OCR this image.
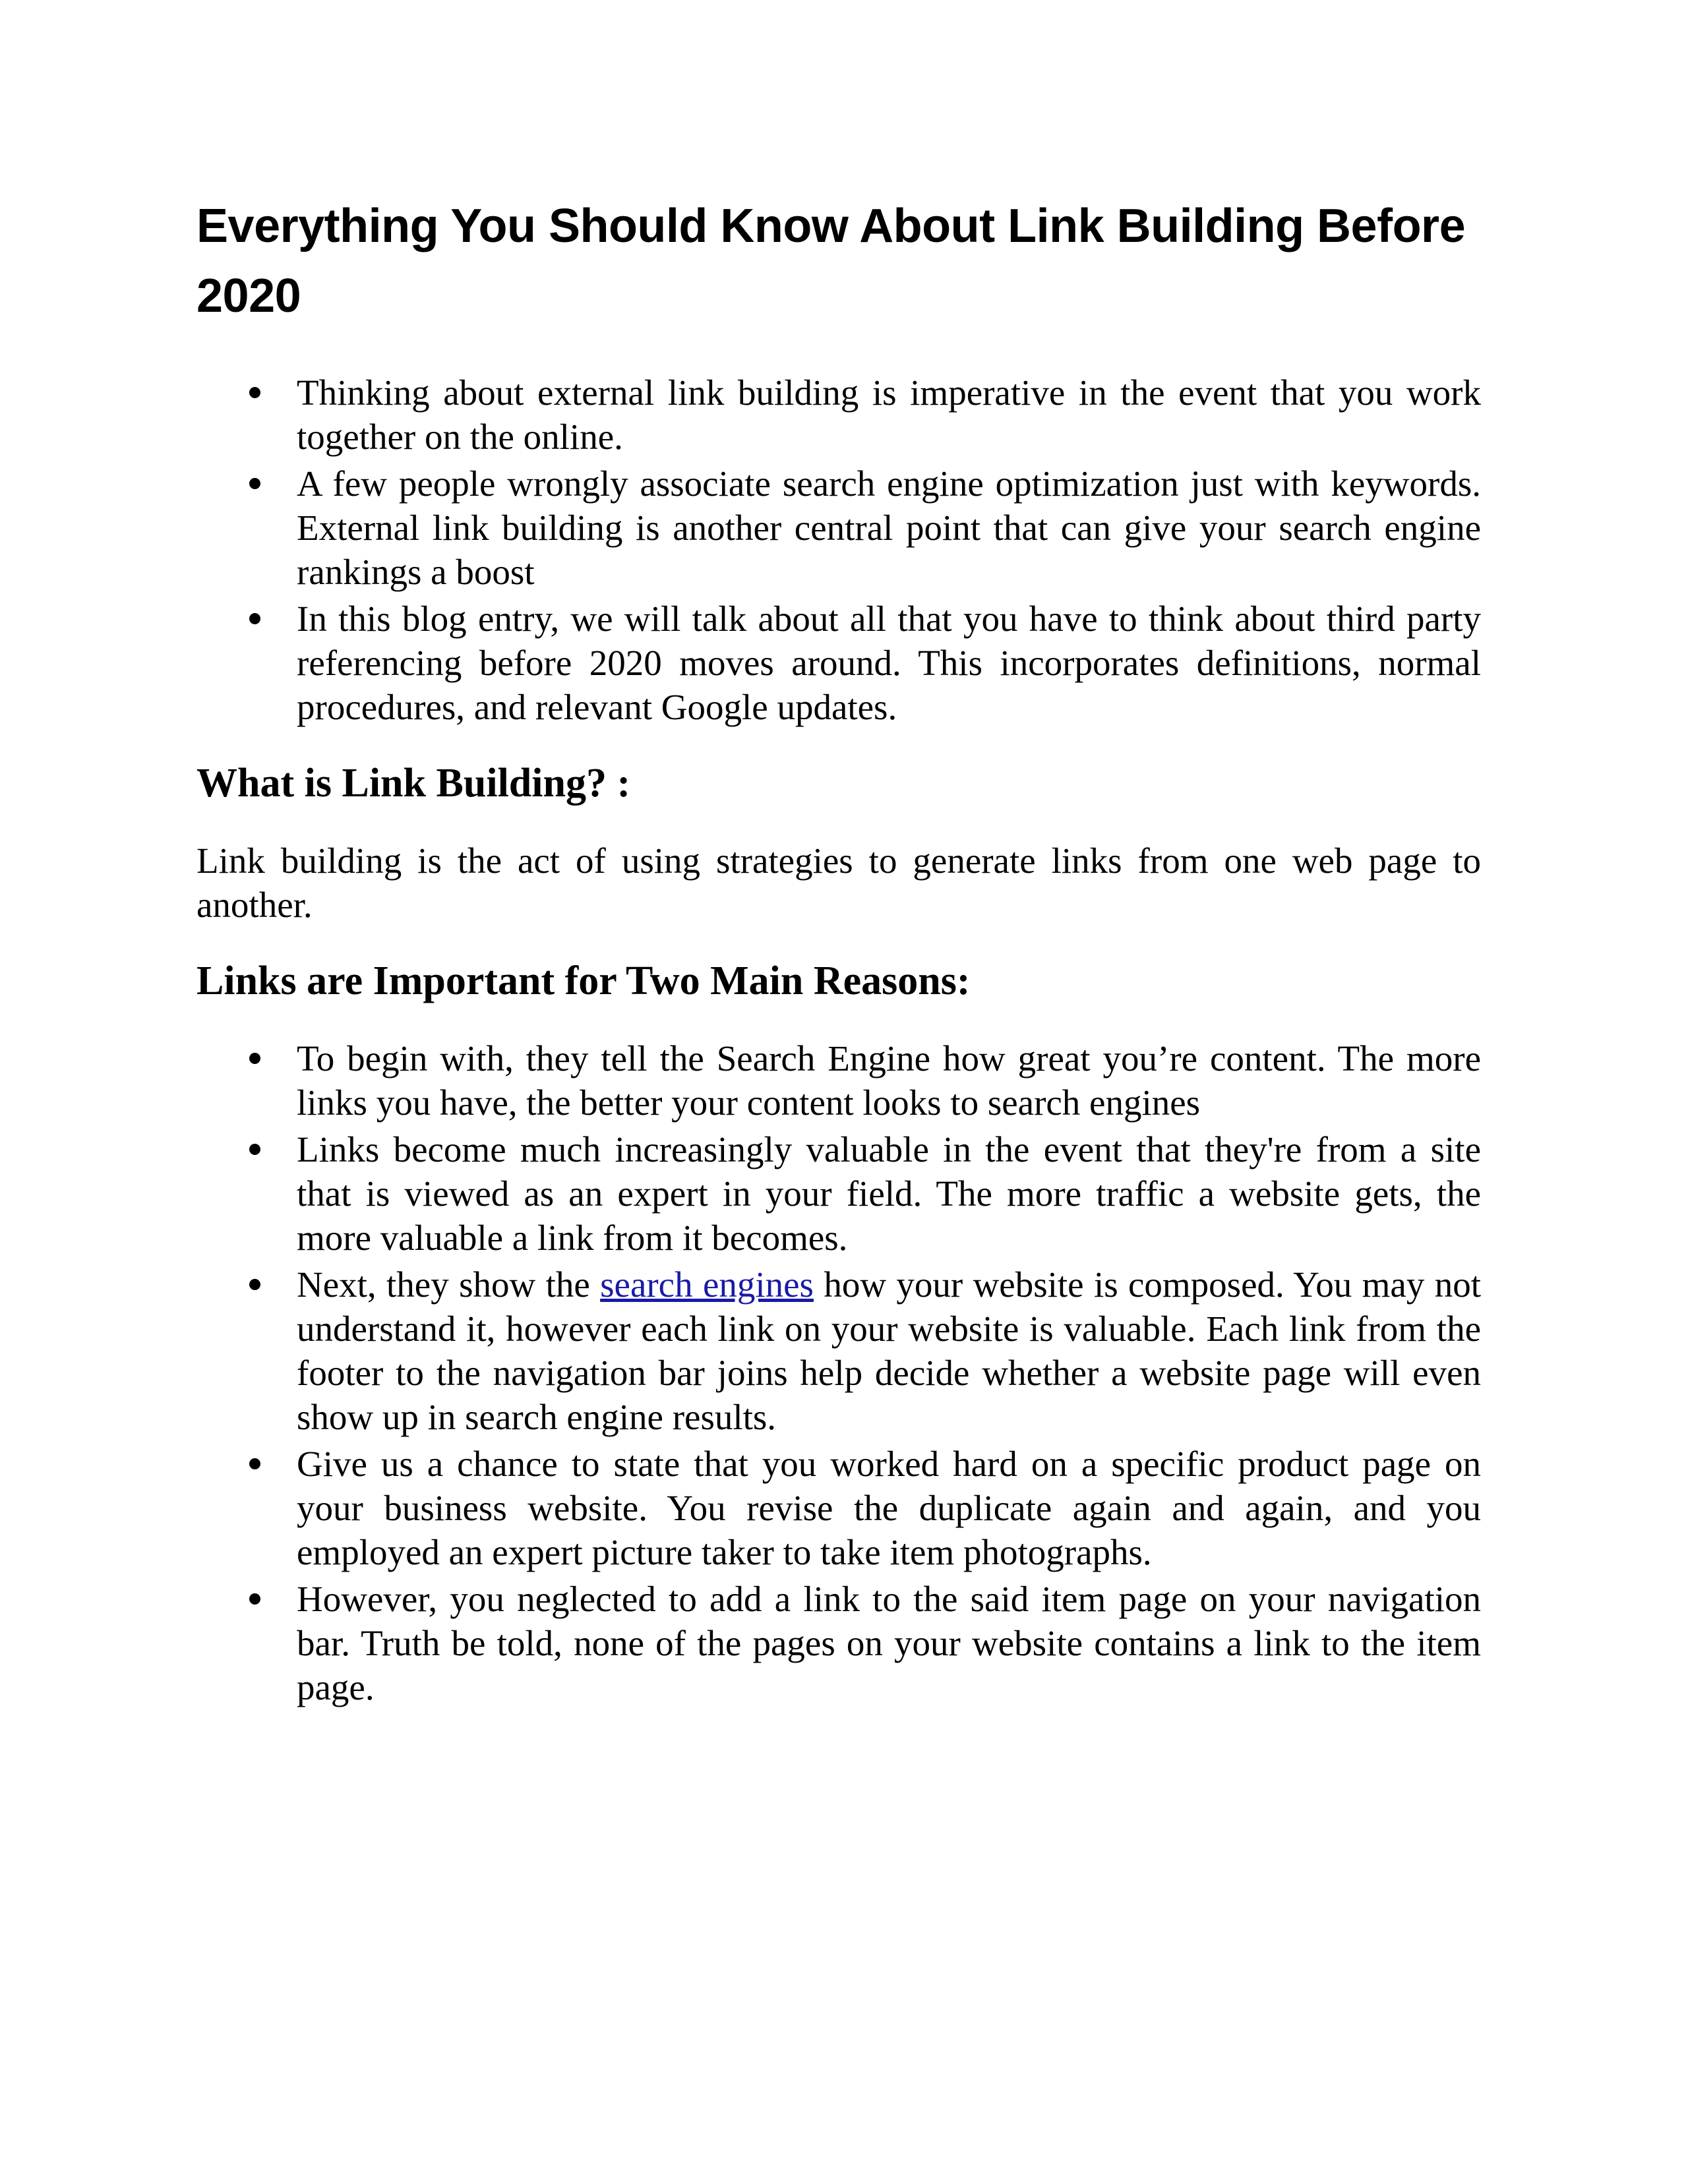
Everything You Should Know About Link Building Before 2020
Thinking about external link building is imperative in the event that you work together on the online.
A few people wrongly associate search engine optimization just with keywords. External link building is another central point that can give your search engine rankings a boost
In this blog entry, we will talk about all that you have to think about third party referencing before 2020 moves around. This incorporates definitions, normal procedures, and relevant Google updates.
What is Link Building? :

Link building is the act of using strategies to generate links from one web page to another.

Links are Important for Two Main Reasons:
To begin with, they tell the Search Engine how great you’re content. The more links you have, the better your content looks to search engines
Links become much increasingly valuable in the event that they're from a site that is viewed as an expert in your field. The more traffic a website gets, the more valuable a link from it becomes.
Next, they show the search engines how your website is composed. You may not understand it, however each link on your website is valuable. Each link from the footer to the navigation bar joins help decide whether a website page will even show up in search engine results.
Give us a chance to state that you worked hard on a specific product page on your business website. You revise the duplicate again and again, and you employed an expert picture taker to take item photographs.
However, you neglected to add a link to the said item page on your navigation bar. Truth be told, none of the pages on your website contains a link to the item page.
